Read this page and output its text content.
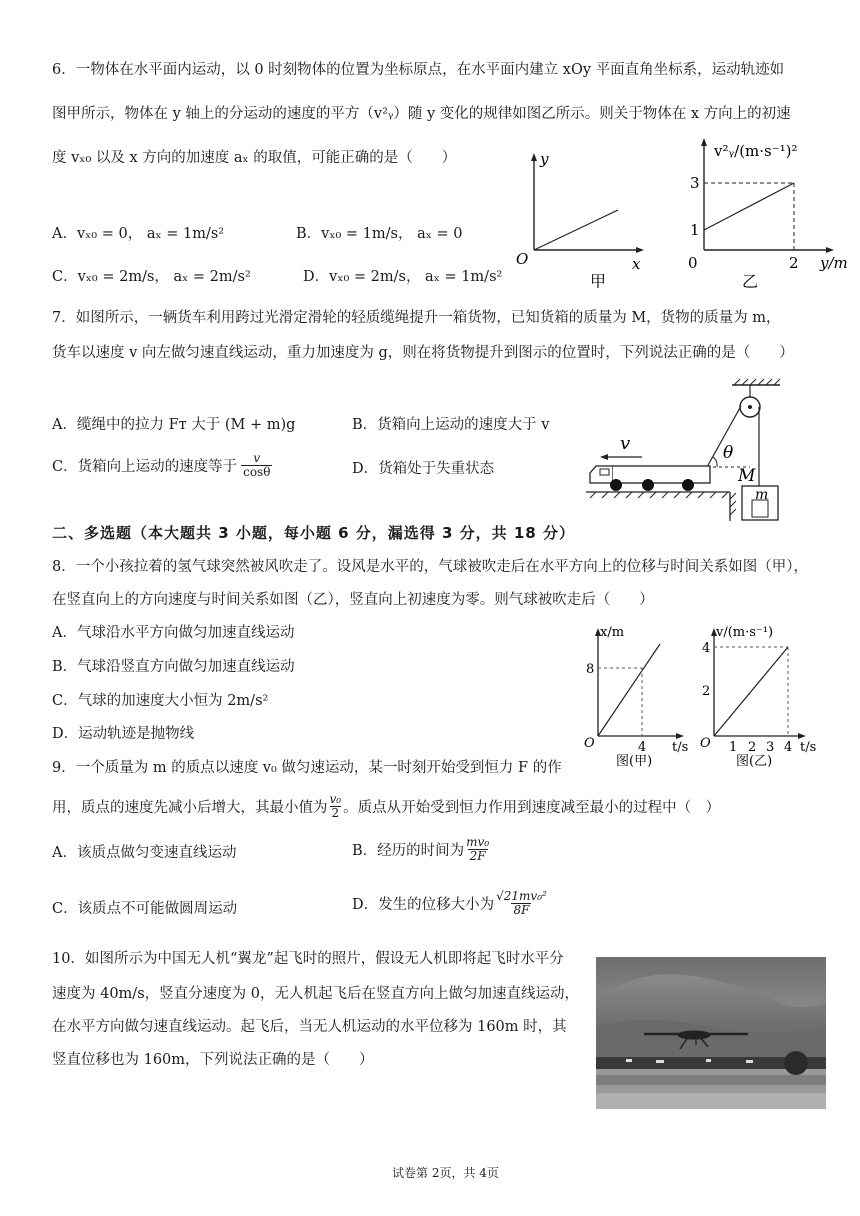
6．一物体在水平面内运动，以 0 时刻物体的位置为坐标原点，在水平面内建立 xOy 平面直角坐标系，运动轨迹如
图甲所示，物体在 y 轴上的分运动的速度的平方（v²ᵧ）随 y 变化的规律如图乙所示。则关于物体在 x 方向上的初速
度 vₓ₀ 以及 x 方向的加速度 aₓ 的取值，可能正确的是（　　）
A．vₓ₀ = 0， aₓ = 1m/s²	B．vₓ₀ = 1m/s， aₓ = 0
C．vₓ₀ = 2m/s， aₓ = 2m/s²	D．vₓ₀ = 2m/s， aₓ = 1m/s²
y
O	x
甲
v²ᵧ/(m·s⁻¹)²
3
1
0	2 y/m
乙
7．如图所示，一辆货车利用跨过光滑定滑轮的轻质缆绳提升一箱货物，已知货箱的质量为 M，货物的质量为 m，
货车以速度 v 向左做匀速直线运动，重力加速度为 g，则在将货物提升到图示的位置时，下列说法正确的是（　　）
A．缆绳中的拉力 Fᴛ 大于 (M + m)g	B．货箱向上运动的速度大于 v
C．货箱向上运动的速度等于 $\frac{v}{\cos\theta}$	D．货箱处于失重状态
θ
v
M
m
二、多选题（本大题共 3 小题，每小题 6 分，漏选得 3 分，共 18 分）
8．一个小孩拉着的氢气球突然被风吹走了。设风是水平的，气球被吹走后在水平方向上的位移与时间关系如图（甲），
在竖直向上的方向速度与时间关系如图（乙），竖直向上初速度为零。则气球被吹走后（　　）
A．气球沿水平方向做匀加速直线运动
B．气球沿竖直方向做匀加速直线运动
C．气球的加速度大小恒为 2m/s²
D．运动轨迹是抛物线
x/m
8
O	4 t/s
图(甲)
v/(m·s⁻¹)
4
2
O 1 2 3 4 t/s
图(乙)
9．一个质量为 m 的质点以速度 v₀ 做匀速运动，某一时刻开始受到恒力 F 的作
用，质点的速度先减小后增大，其最小值为 $\frac{\text{v₀}}{2}$ 。质点从开始受到恒力作用到速度减至最小的过程中（　）
A．该质点做匀变速直线运动	B．经历的时间为 $\frac{\text{mv₀}}{2F}$
C．该质点不可能做圆周运动	D．发生的位移大小为 $\frac{\text{√21mv₀²}}{8F}$
10．如图所示为中国无人机“翼龙”起飞时的照片，假设无人机即将起飞时水平分
速度为 40m/s，竖直分速度为 0，无人机起飞后在竖直方向上做匀加速直线运动，
在水平方向做匀速直线运动。起飞后，当无人机运动的水平位移为 160m 时，其
竖直位移也为 160m，下列说法正确的是（　　）
试卷第 2页，共 4页
